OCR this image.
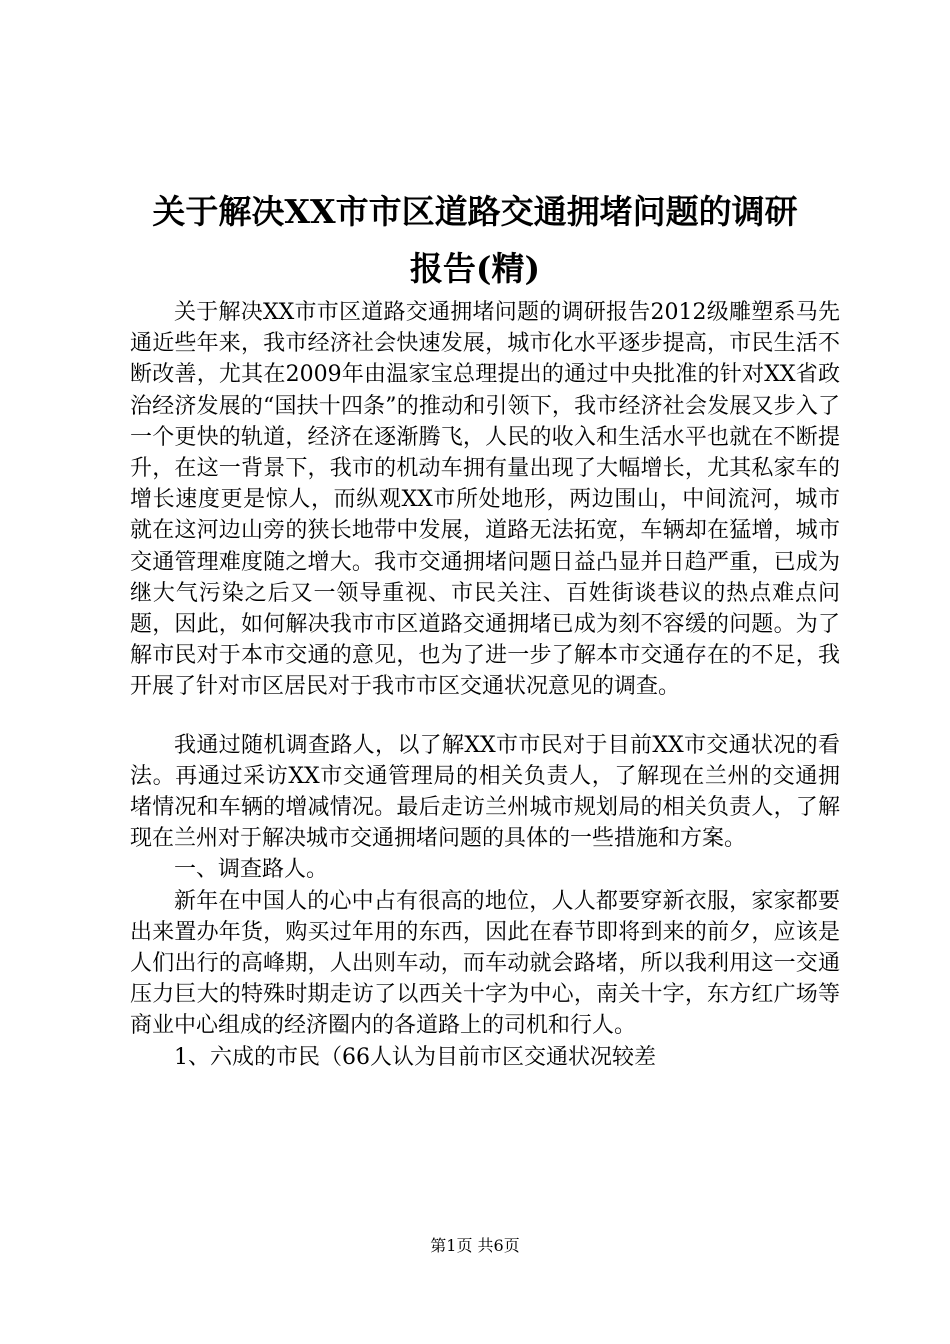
关于解决XX市市区道路交通拥堵问题的调研
报告(精)

关于解决XX市市区道路交通拥堵问题的调研报告2012级雕塑系马先通近些年来，我市经济社会快速发展，城市化水平逐步提高，市民生活不断改善，尤其在2009年由温家宝总理提出的通过中央批准的针对XX省政治经济发展的“国扶十四条”的推动和引领下，我市经济社会发展又步入了一个更快的轨道，经济在逐渐腾飞，人民的收入和生活水平也就在不断提升，在这一背景下，我市的机动车拥有量出现了大幅增长，尤其私家车的增长速度更是惊人，而纵观XX市所处地形，两边围山，中间流河，城市就在这河边山旁的狭长地带中发展，道路无法拓宽，车辆却在猛增，城市交通管理难度随之增大。我市交通拥堵问题日益凸显并日趋严重，已成为继大气污染之后又一领导重视、市民关注、百姓街谈巷议的热点难点问题，因此，如何解决我市市区道路交通拥堵已成为刻不容缓的问题。为了解市民对于本市交通的意见，也为了进一步了解本市交通存在的不足，我开展了针对市区居民对于我市市区交通状况意见的调查。

我通过随机调查路人，以了解XX市市民对于目前XX市交通状况的看法。再通过采访XX市交通管理局的相关负责人，了解现在兰州的交通拥堵情况和车辆的增减情况。最后走访兰州城市规划局的相关负责人，了解现在兰州对于解决城市交通拥堵问题的具体的一些措施和方案。

一、调查路人。

新年在中国人的心中占有很高的地位，人人都要穿新衣服，家家都要出来置办年货，购买过年用的东西，因此在春节即将到来的前夕，应该是人们出行的高峰期，人出则车动，而车动就会路堵，所以我利用这一交通压力巨大的特殊时期走访了以西关十字为中心，南关十字，东方红广场等商业中心组成的经济圈内的各道路上的司机和行人。

1、六成的市民（66人认为目前市区交通状况较差

第1页 共6页
